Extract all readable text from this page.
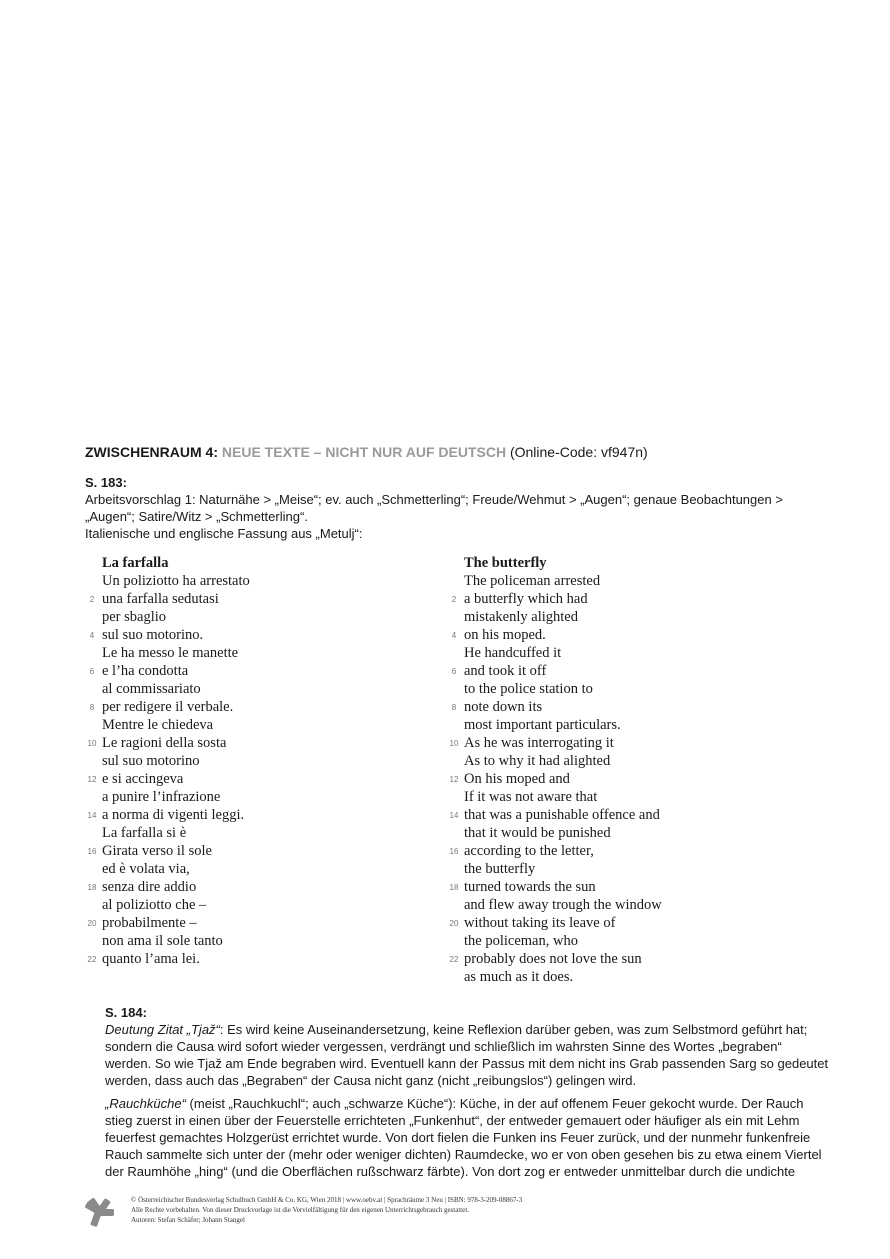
ZWISCHENRAUM 4: NEUE TEXTE – NICHT NUR AUF DEUTSCH (Online-Code: vf947n)
S. 183:
Arbeitsvorschlag 1: Naturnähe > „Meise“; ev. auch „Schmetterling“; Freude/Wehmut > „Augen“; genaue Beobachtungen >
„Augen“; Satire/Witz > „Schmetterling“.
Italienische und englische Fassung aus „Metulj“:
La farfalla
Un poliziotto ha arrestato
2 una farfalla sedutasi
per sbaglio
4 sul suo motorino.
Le ha messo le manette
6 e l’ha condotta
al commissariato
8 per redigere il verbale.
Mentre le chiedeva
10 Le ragioni della sosta
sul suo motorino
12 e si accingeva
a punire l’infrazione
14 a norma di vigenti leggi.
La farfalla si è
16 Girata verso il sole
ed è volata via,
18 senza dire addio
al poliziotto che –
20 probabilmente –
non ama il sole tanto
22 quanto l’ama lei.
The butterfly
The policeman arrested
2 a butterfly which had
mistakenly alighted
4 on his moped.
He handcuffed it
6 and took it off
to the police station to
8 note down its
most important particulars.
10 As he was interrogating it
As to why it had alighted
12 On his moped and
If it was not aware that
14 that was a punishable offence and
that it would be punished
16 according to the letter,
the butterfly
18 turned towards the sun
and flew away trough the window
20 without taking its leave of
the policeman, who
22 probably does not love the sun
as much as it does.
S. 184:

Deutung Zitat „Tjaž“: Es wird keine Auseinandersetzung, keine Reflexion darüber geben, was zum Selbstmord geführt hat; sondern die Causa wird sofort wieder vergessen, verdrängt und schließlich im wahrsten Sinne des Wortes „begraben“ werden. So wie Tjaž am Ende begraben wird. Eventuell kann der Passus mit dem nicht ins Grab passenden Sarg so gedeutet werden, dass auch das „Begraben“ der Causa nicht ganz (nicht „reibungslos“) gelingen wird.

„Rauchküche“ (meist „Rauchkuchl“; auch „schwarze Küche“): Küche, in der auf offenem Feuer gekocht wurde. Der Rauch stieg zuerst in einen über der Feuerstelle errichteten „Funkenhut“, der entweder gemauert oder häufiger als ein mit Lehm feuerfest gemachtes Holzgerüst errichtet wurde. Von dort fielen die Funken ins Feuer zurück, und der nunmehr funkenfreie Rauch sammelte sich unter der (mehr oder weniger dichten) Raumdecke, wo er von oben gesehen bis zu etwa einem Viertel der Raumhöhe „hing“ (und die Oberflächen rußschwarz färbte). Von dort zog er entweder unmittelbar durch die undichte

© Österreichischer Bundesverlag Schulbuch GmbH & Co. KG, Wien 2018 | www.oebv.at | Sprachräume 3 Neu | ISBN: 978-3-209-08867-3
Alle Rechte vorbehalten. Von dieser Druckvorlage ist die Vervielfältigung für den eigenen Unterrichtsgebrauch gestattet.
Autoren: Stefan Schäfer; Johann Stangel
